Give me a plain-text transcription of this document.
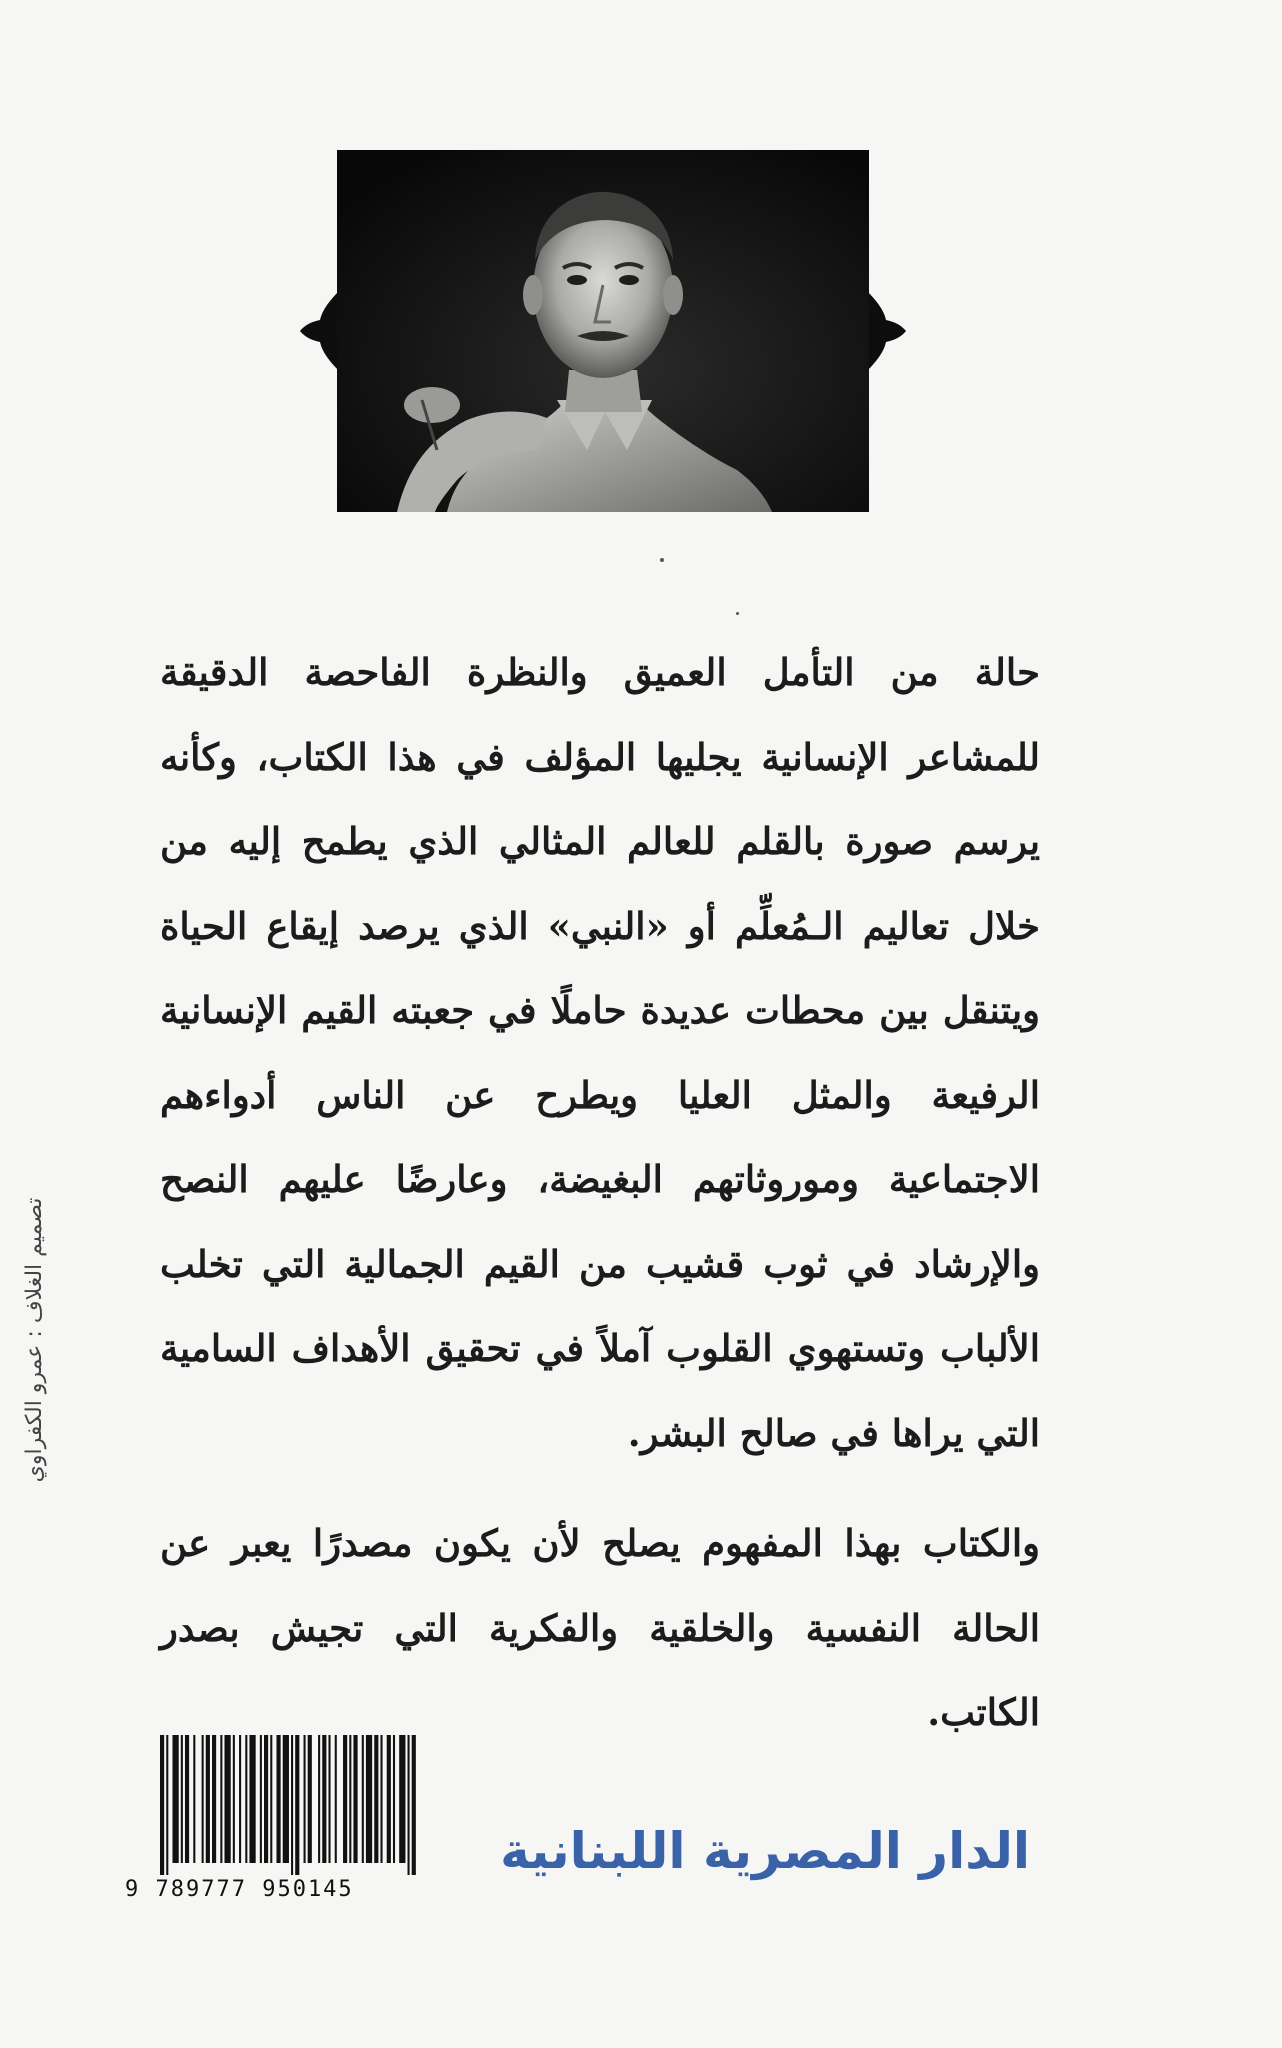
حالة من التأمل العميق والنظرة الفاحصة الدقيقة للمشاعر الإنسانية يجليها المؤلف في هذا الكتاب، وكأنه يرسم صورة بالقلم للعالم المثالي الذي يطمح إليه من خلال تعاليم الـمُعلِّم أو «النبي» الذي يرصد إيقاع الحياة ويتنقل بين محطات عديدة حاملًا في جعبته القيم الإنسانية الرفيعة والمثل العليا ويطرح عن الناس أدواءهم الاجتماعية وموروثاتهم البغيضة، وعارضًا عليهم النصح والإرشاد في ثوب قشيب من القيم الجمالية التي تخلب الألباب وتستهوي القلوب آملاً في تحقيق الأهداف السامية التي يراها في صالح البشر.

والكتاب بهذا المفهوم يصلح لأن يكون مصدرًا يعبر عن الحالة النفسية والخلقية والفكرية التي تجيش بصدر الكاتب.

تصميم الغلاف : عمرو الكفراوي
9 789777 950145
الدار المصرية اللبنانية
